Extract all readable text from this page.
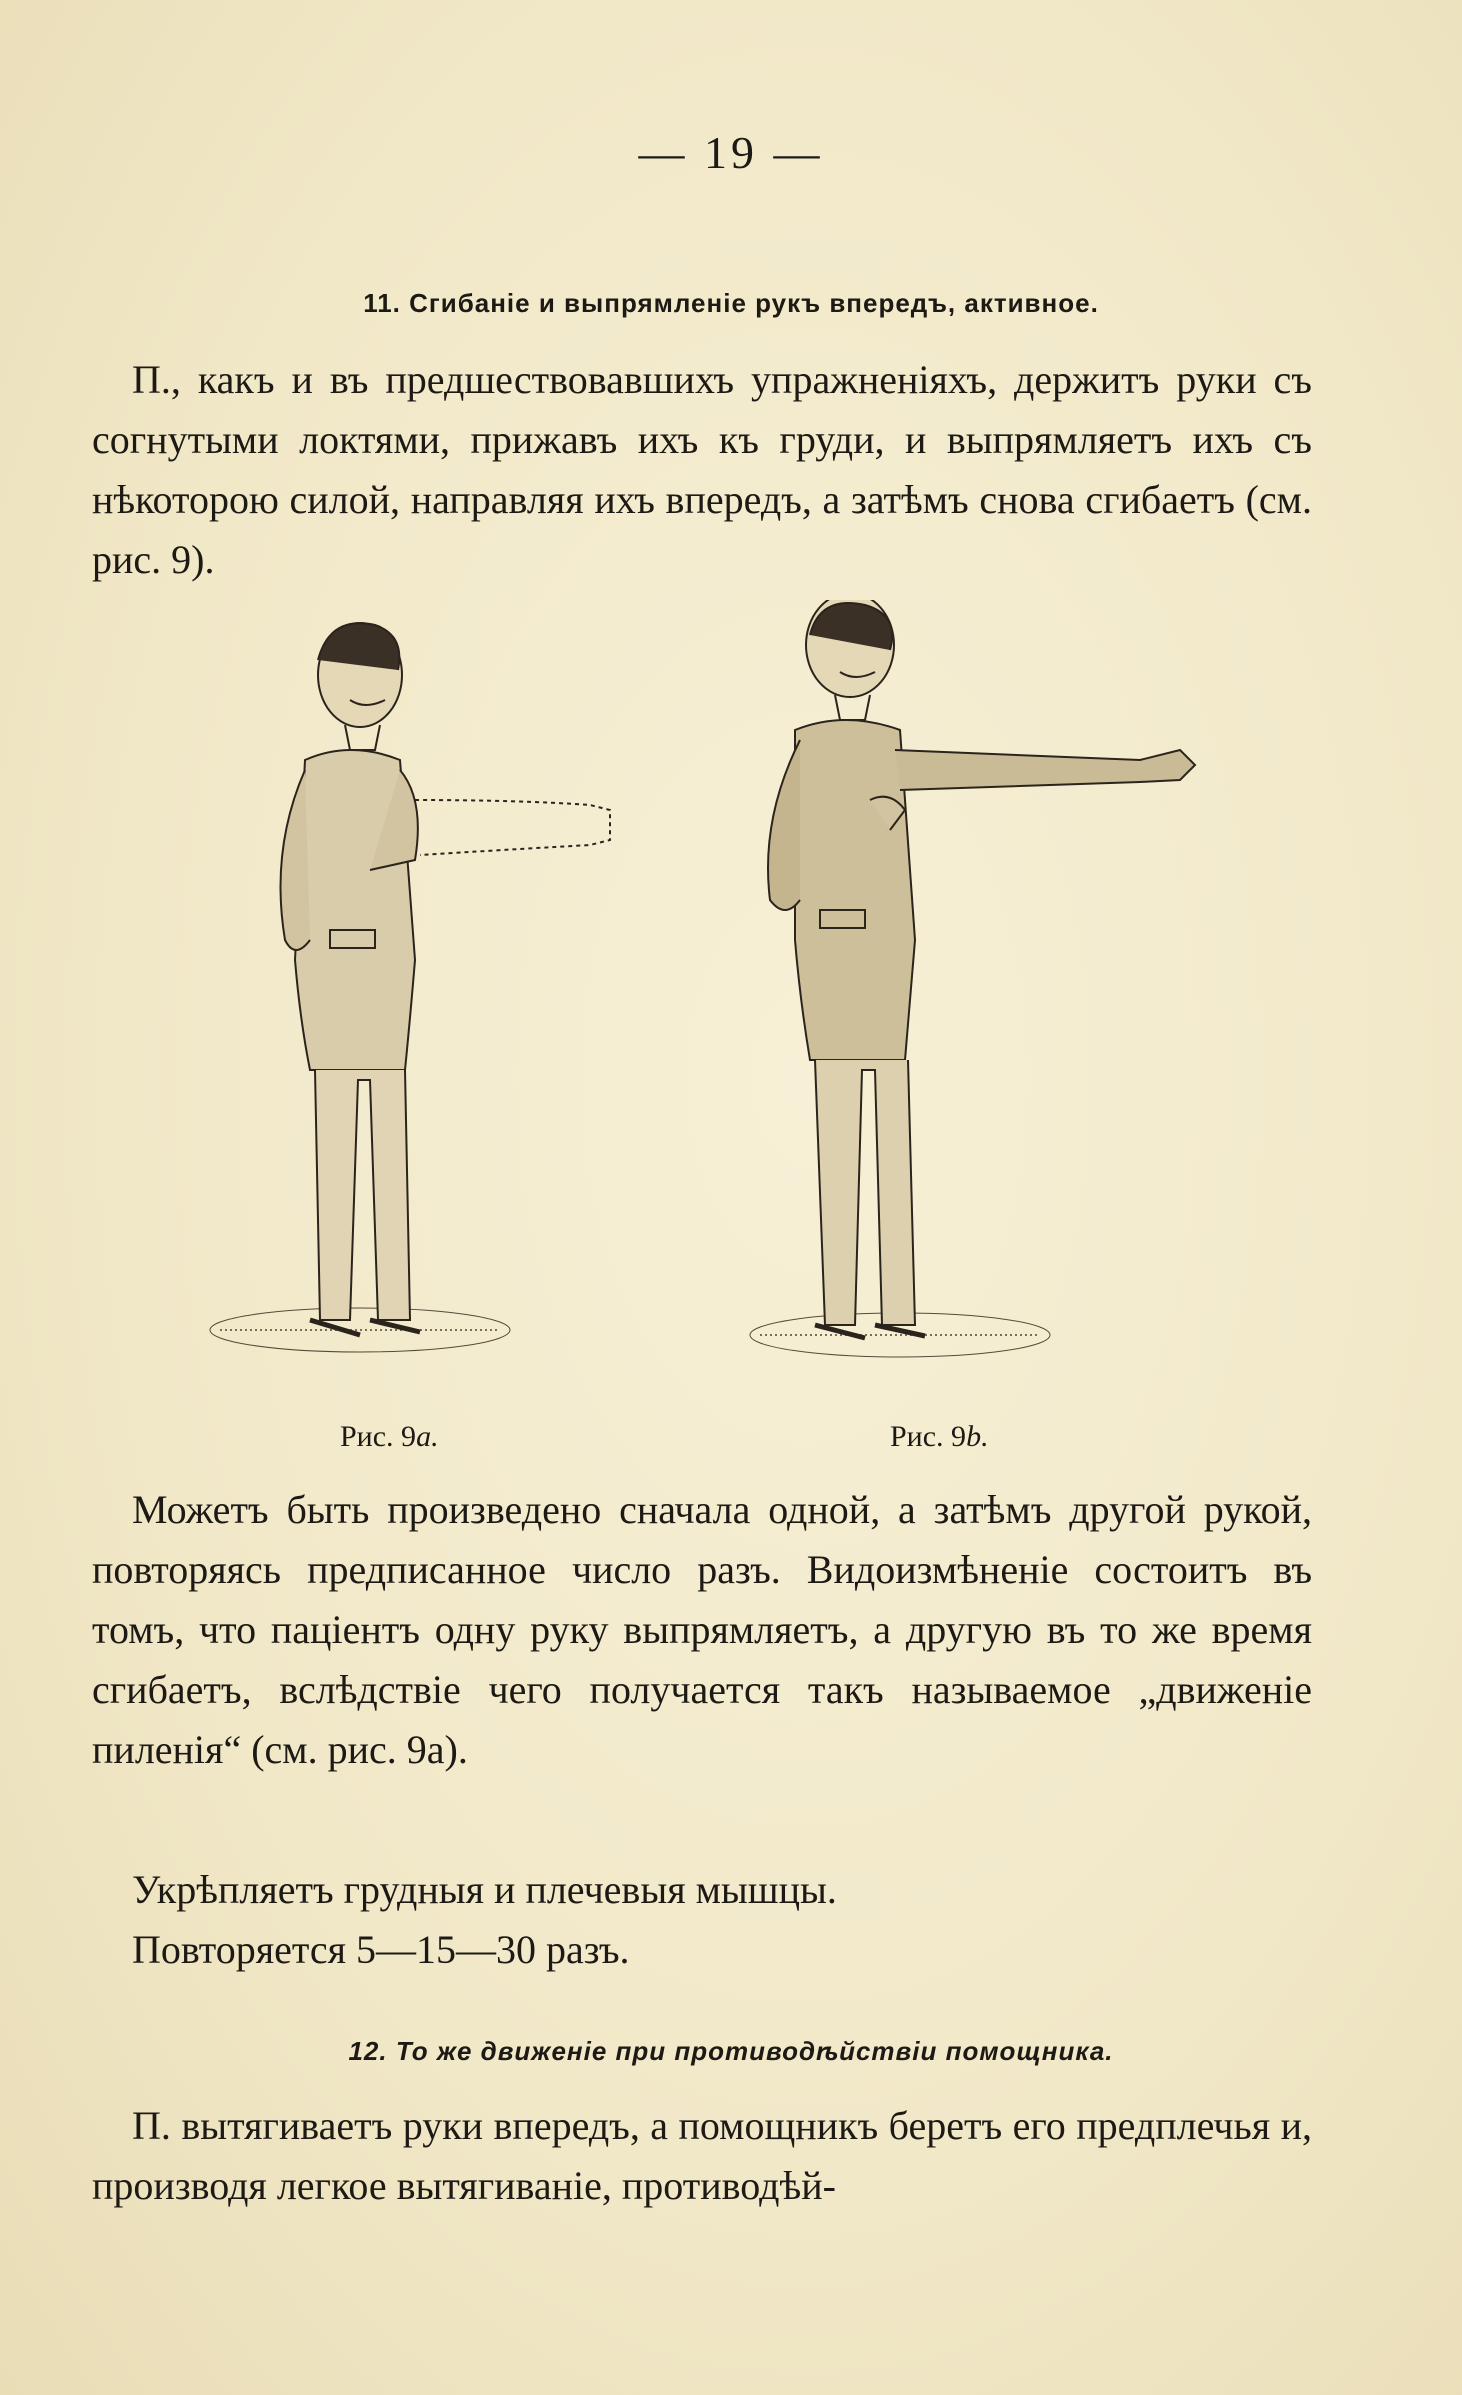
— 19 —
11. Сгибаніе и выпрямленіе рукъ впередъ, активное.
П., какъ и въ предшествовавшихъ упражненіяхъ, держитъ руки съ согнутыми локтями, прижавъ ихъ къ груди, и выпрямляетъ ихъ съ нѣкоторою силой, направляя ихъ впередъ, а затѣмъ снова сгибаетъ (см. рис. 9).
Рис. 9a.	Рис. 9b.
Можетъ быть произведено сначала одной, а затѣмъ другой рукой, повторяясь предписанное число разъ. Видоизмѣненіе состоитъ въ томъ, что паціентъ одну руку выпрямляетъ, а другую въ то же время сгибаетъ, вслѣдствіе чего получается такъ называемое „движеніе пиленія“ (см. рис. 9а).
Укрѣпляетъ грудныя и плечевыя мышцы.
Повторяется 5—15—30 разъ.
12. То же движеніе при противодѣйствіи помощника.
П. вытягиваетъ руки впередъ, а помощникъ беретъ его предплечья и, производя легкое вытягиваніе, противодѣй-
